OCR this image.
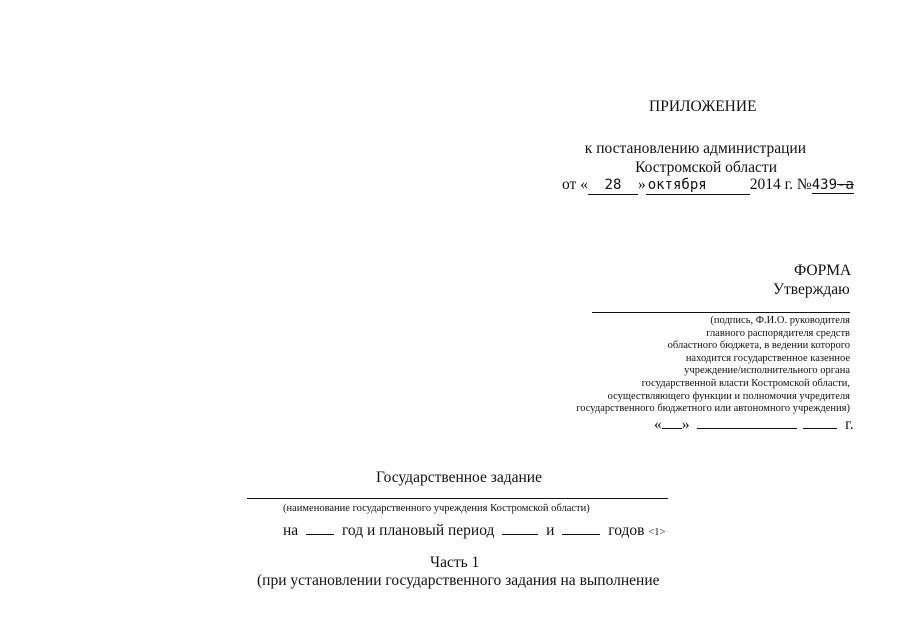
ПРИЛОЖЕНИЕ
к постановлению администрации
Костромской области
от « 28 » октября	2014 г. №439-а
ФОРМА
Утверждаю
(подпись, Ф.И.О. руководителя
главного распорядителя средств
областного бюджета, в ведении которого
находится государственное казенное
учреждение/исполнительного органа
государственной власти Костромской области,
осуществляющего функции и полномочия учредителя
государственного бюджетного или автономного учреждения)
« »	г.
Государственное задание
(наименование государственного учреждения Костромской области)
на	год и плановый период	и	годов <1>
Часть 1
(при установлении государственного задания на выполнение
